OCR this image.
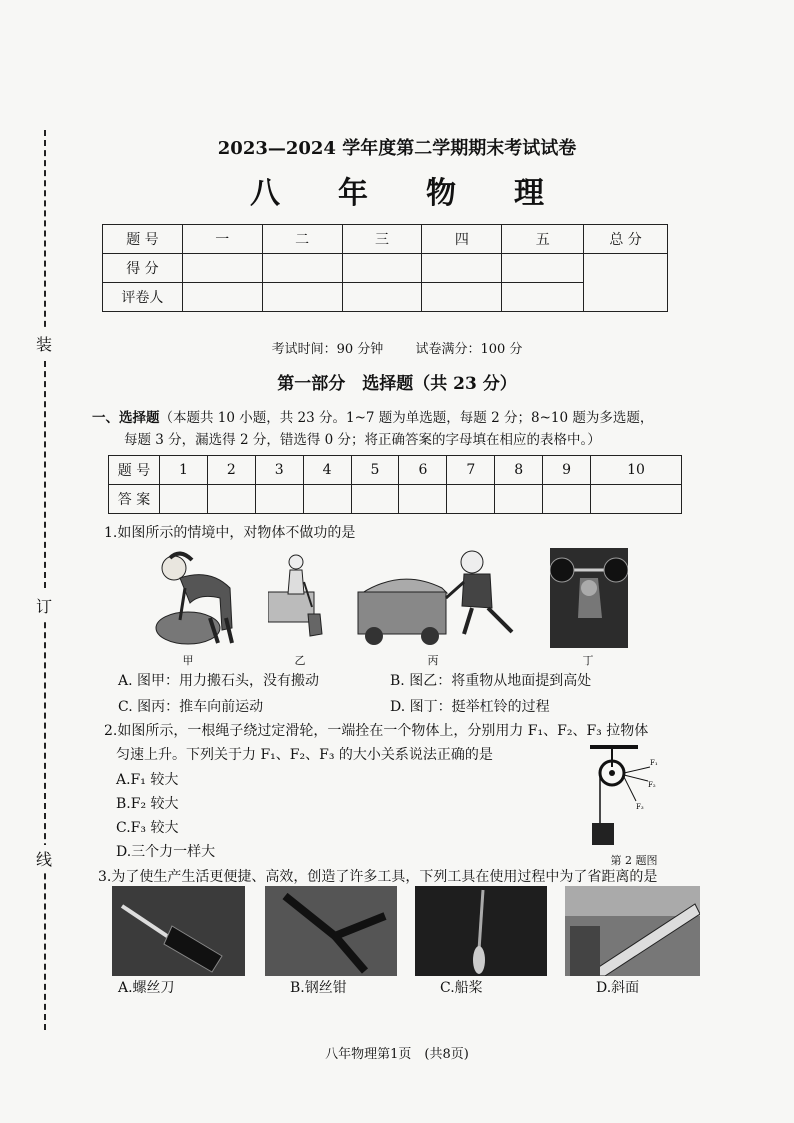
装
订
线
2023—2024 学年度第二学期期末考试试卷
八年物理
题 号	一	二	三	四	五	总 分
得 分						
评卷人						
考试时间：90 分钟 试卷满分：100 分
第一部分　选择题（共 23 分）
一、选择题（本题共 10 小题，共 23 分。1~7 题为单选题，每题 2 分；8~10 题为多选题，
每题 3 分，漏选得 2 分，错选得 0 分；将正确答案的字母填在相应的表格中。）
题 号	1	2	3	4	5	6	7	8	9	10
答 案										
1.如图所示的情境中，对物体不做功的是
甲	乙	丙	丁
A. 图甲：用力搬石头，没有搬动	B. 图乙：将重物从地面提到高处
C. 图丙：推车向前运动	D. 图丁：挺举杠铃的过程
2.如图所示，一根绳子绕过定滑轮，一端拴在一个物体上，分别用力 F₁、F₂、F₃ 拉物体
匀速上升。下列关于力 F₁、F₂、F₃ 的大小关系说法正确的是
A.F₁ 较大
B.F₂ 较大
C.F₃ 较大
D.三个力一样大
F₁
F₂
F₃
第 2 题图
3.为了使生产生活更便捷、高效，创造了许多工具，下列工具在使用过程中为了省距离的是
A.螺丝刀	B.钢丝钳	C.船桨	D.斜面
八年物理第1页　(共8页)
